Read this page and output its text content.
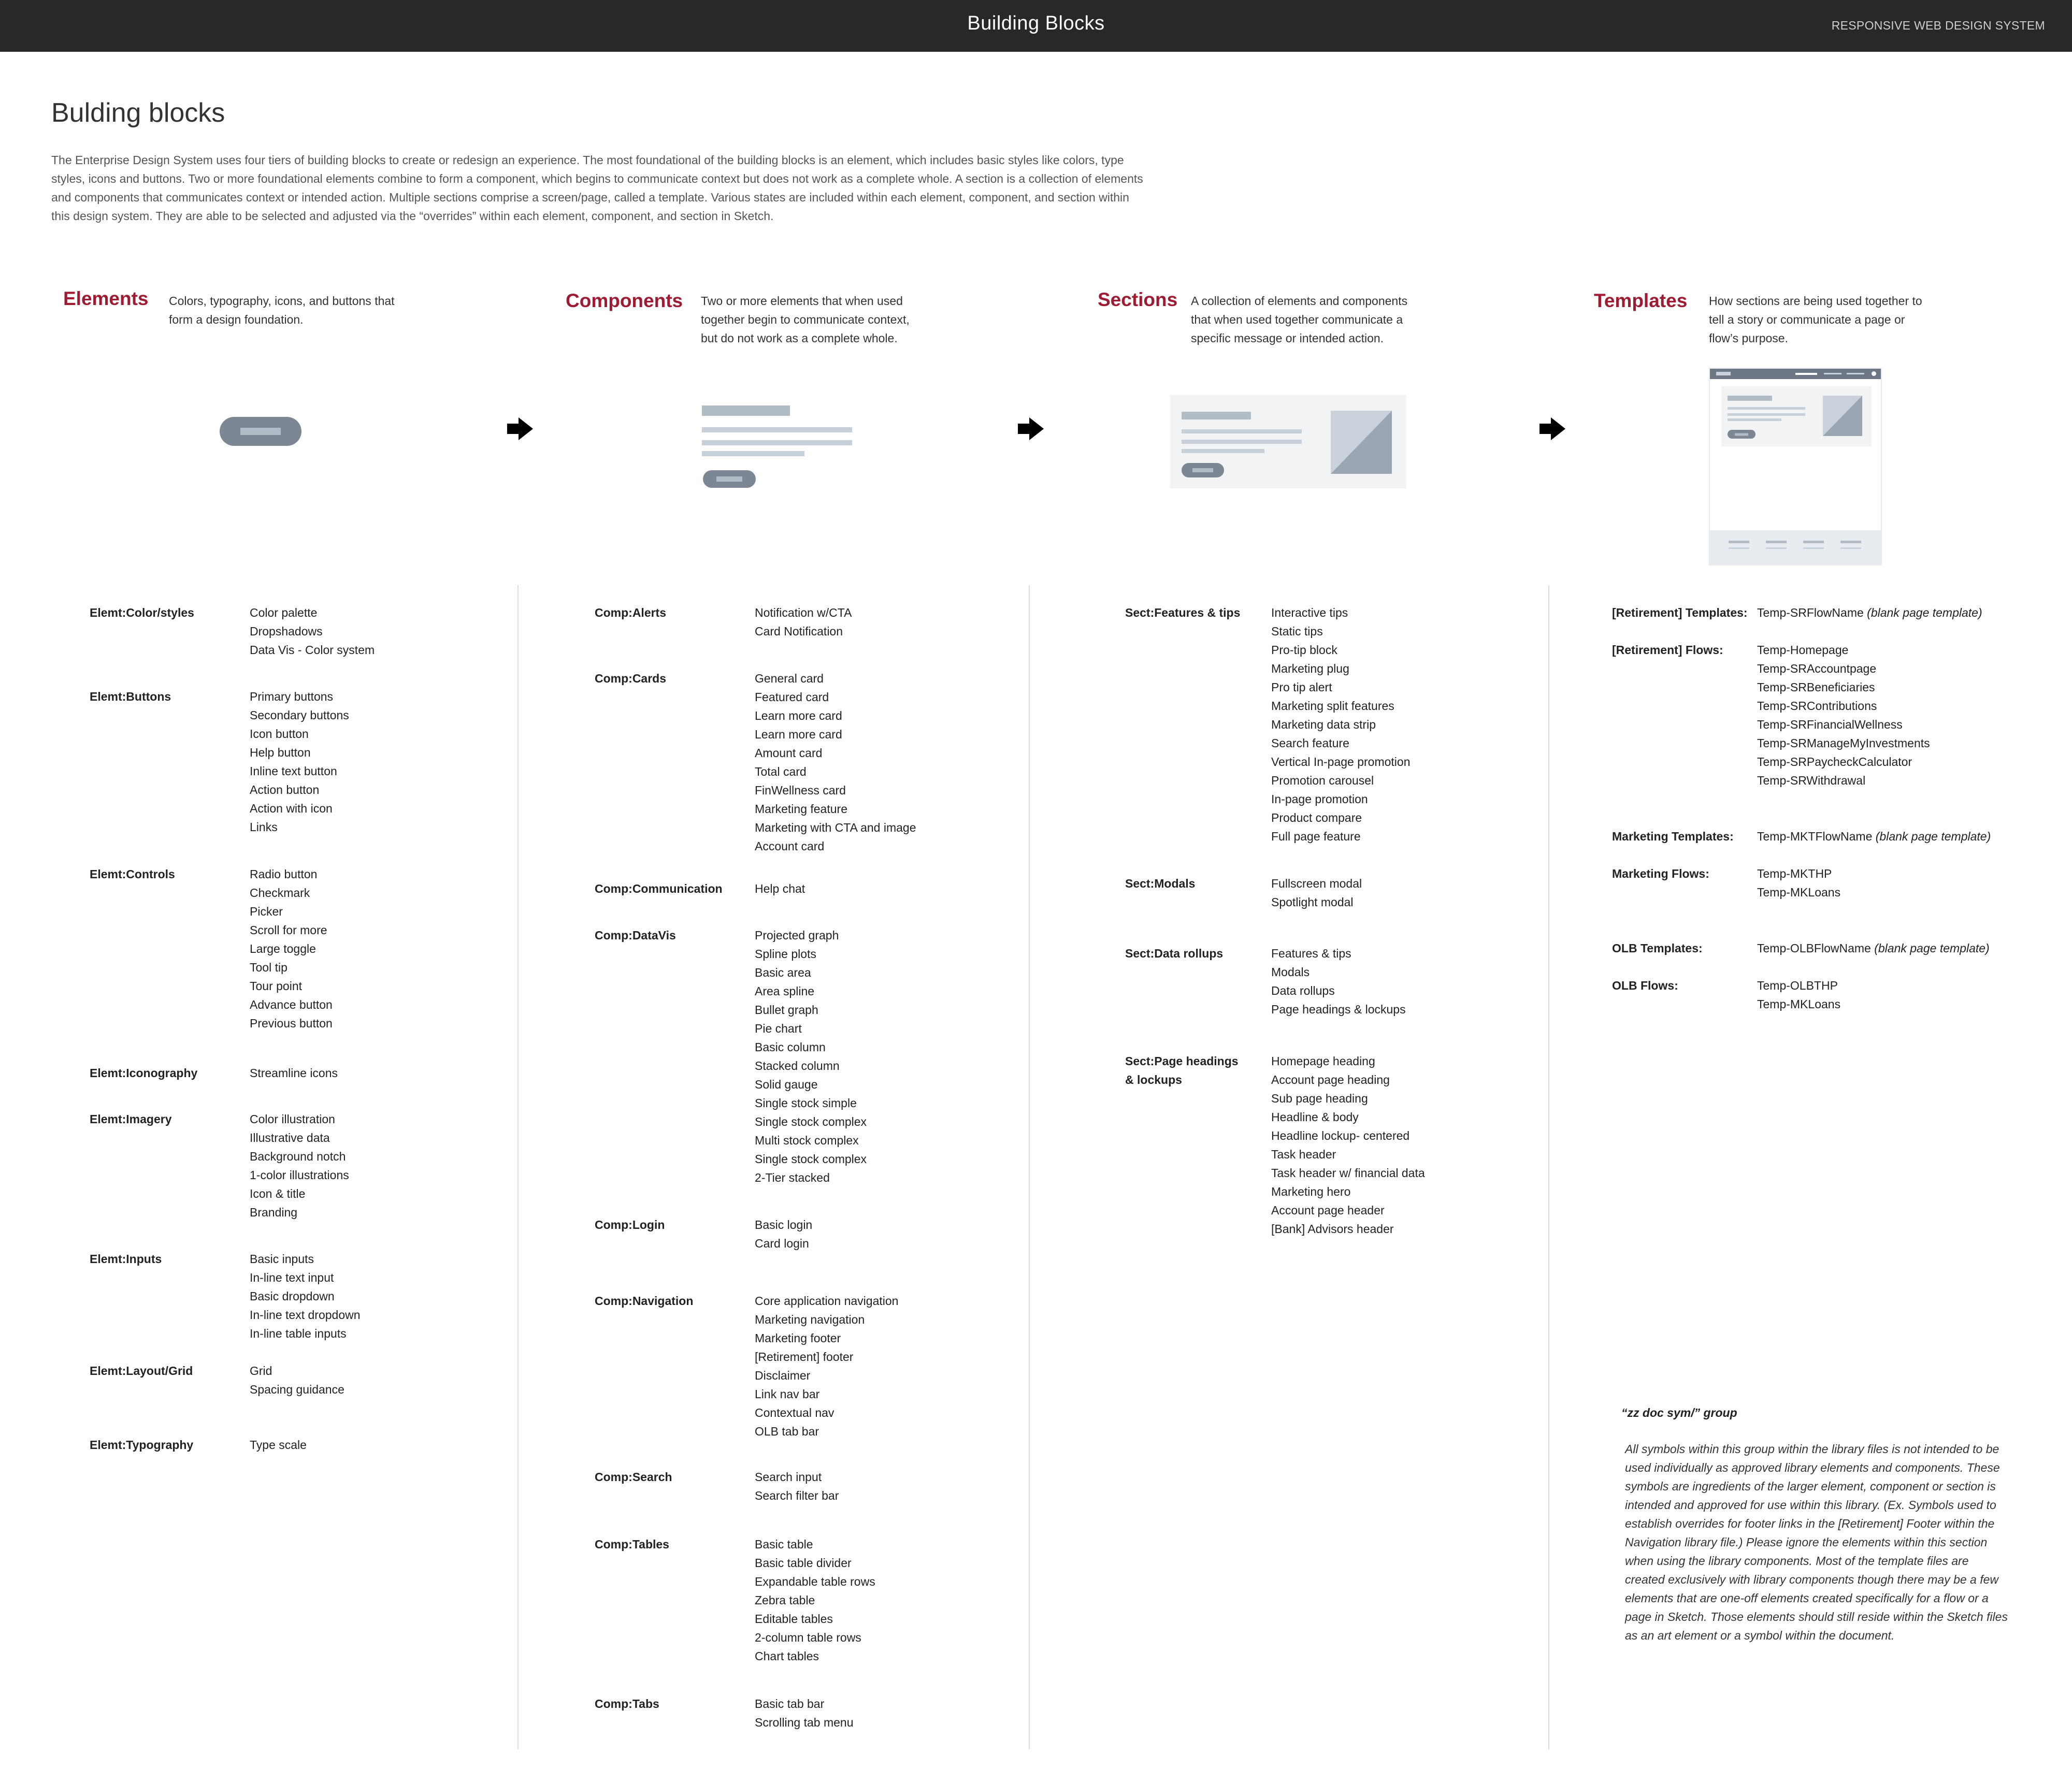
Building Blocks	RESPONSIVE WEB DESIGN SYSTEM
Bulding blocks
The Enterprise Design System uses four tiers of building blocks to create or redesign an experience. The most foundational of the building blocks is an element, which includes basic styles like colors, type styles, icons and buttons. Two or more foundational elements combine to form a component, which begins to communicate context but does not work as a complete whole. A section is a collection of elements and components that communicates context or intended action. Multiple sections comprise a screen/page, called a template. Various states are included within each element, component, and section within this design system. They are able to be selected and adjusted via the “overrides” within each element, component, and section in Sketch.
Elements Colors, typography, icons, and buttons that
form a design foundation.
Components Two or more elements that when used
together begin to communicate context,
but do not work as a complete whole.
Sections A collection of elements and components
that when used together communicate a
specific message or intended action.
Templates How sections are being used together to
tell a story or communicate a page or
flow’s purpose.
Elemt:Color/styles	Color palette
Dropshadows
Data Vis - Color system
Elemt:Buttons	Primary buttons
Secondary buttons
Icon button
Help button
Inline text button
Action button
Action with icon
Links
Elemt:Controls	Radio button
Checkmark
Picker
Scroll for more
Large toggle
Tool tip
Tour point
Advance button
Previous button
Elemt:Iconography	Streamline icons
Elemt:Imagery	Color illustration
Illustrative data
Background notch
1-color illustrations
Icon & title
Branding
Elemt:Inputs	Basic inputs
In-line text input
Basic dropdown
In-line text dropdown
In-line table inputs
Elemt:Layout/Grid	Grid
Spacing guidance
Elemt:Typography	Type scale
Comp:Alerts	Notification w/CTA
Card Notification
Comp:Cards	General card
Featured card
Learn more card
Learn more card
Amount card
Total card
FinWellness card
Marketing feature
Marketing with CTA and image
Account card
Comp:Communication	Help chat
Comp:DataVis	Projected graph
Spline plots
Basic area
Area spline
Bullet graph
Pie chart
Basic column
Stacked column
Solid gauge
Single stock simple
Single stock complex
Multi stock complex
Single stock complex
2-Tier stacked
Comp:Login	Basic login
Card login
Comp:Navigation	Core application navigation
Marketing navigation
Marketing footer
[Retirement] footer
Disclaimer
Link nav bar
Contextual nav
OLB tab bar
Comp:Search	Search input
Search filter bar
Comp:Tables	Basic table
Basic table divider
Expandable table rows
Zebra table
Editable tables
2-column table rows
Chart tables
Comp:Tabs	Basic tab bar
Scrolling tab menu
Sect:Features & tips	Interactive tips
Static tips
Pro-tip block
Marketing plug
Pro tip alert
Marketing split features
Marketing data strip
Search feature
Vertical In-page promotion
Promotion carousel
In-page promotion
Product compare
Full page feature
Sect:Modals	Fullscreen modal
Spotlight modal
Sect:Data rollups	Features & tips
Modals
Data rollups
Page headings & lockups
Sect:Page headings
& lockups
Homepage heading
Account page heading
Sub page heading
Headline & body
Headline lockup- centered
Task header
Task header w/ financial data
Marketing hero
Account page header
[Bank] Advisors header
[Retirement] Templates: Temp-SRFlowName (blank page template)
[Retirement] Flows:	Temp-Homepage
Temp-SRAccountpage
Temp-SRBeneficiaries
Temp-SRContributions
Temp-SRFinancialWellness
Temp-SRManageMyInvestments
Temp-SRPaycheckCalculator
Temp-SRWithdrawal
Marketing Templates:	Temp-MKTFlowName (blank page template)
Marketing Flows:	Temp-MKTHP
Temp-MKLoans
OLB Templates:	Temp-OLBFlowName (blank page template)
OLB Flows:	Temp-OLBTHP
Temp-MKLoans
“zz doc sym/” group
All symbols within this group within the library files is not intended to be used individually as approved library elements and components. These symbols are ingredients of the larger element, component or section is intended and approved for use within this library. (Ex. Symbols used to establish overrides for footer links in the [Retirement] Footer within the Navigation library file.) Please ignore the elements within this section when using the library components. Most of the template files are created exclusively with library components though there may be a few elements that are one-off elements created specifically for a flow or a page in Sketch. Those elements should still reside within the Sketch files as an art element or a symbol within the document.
